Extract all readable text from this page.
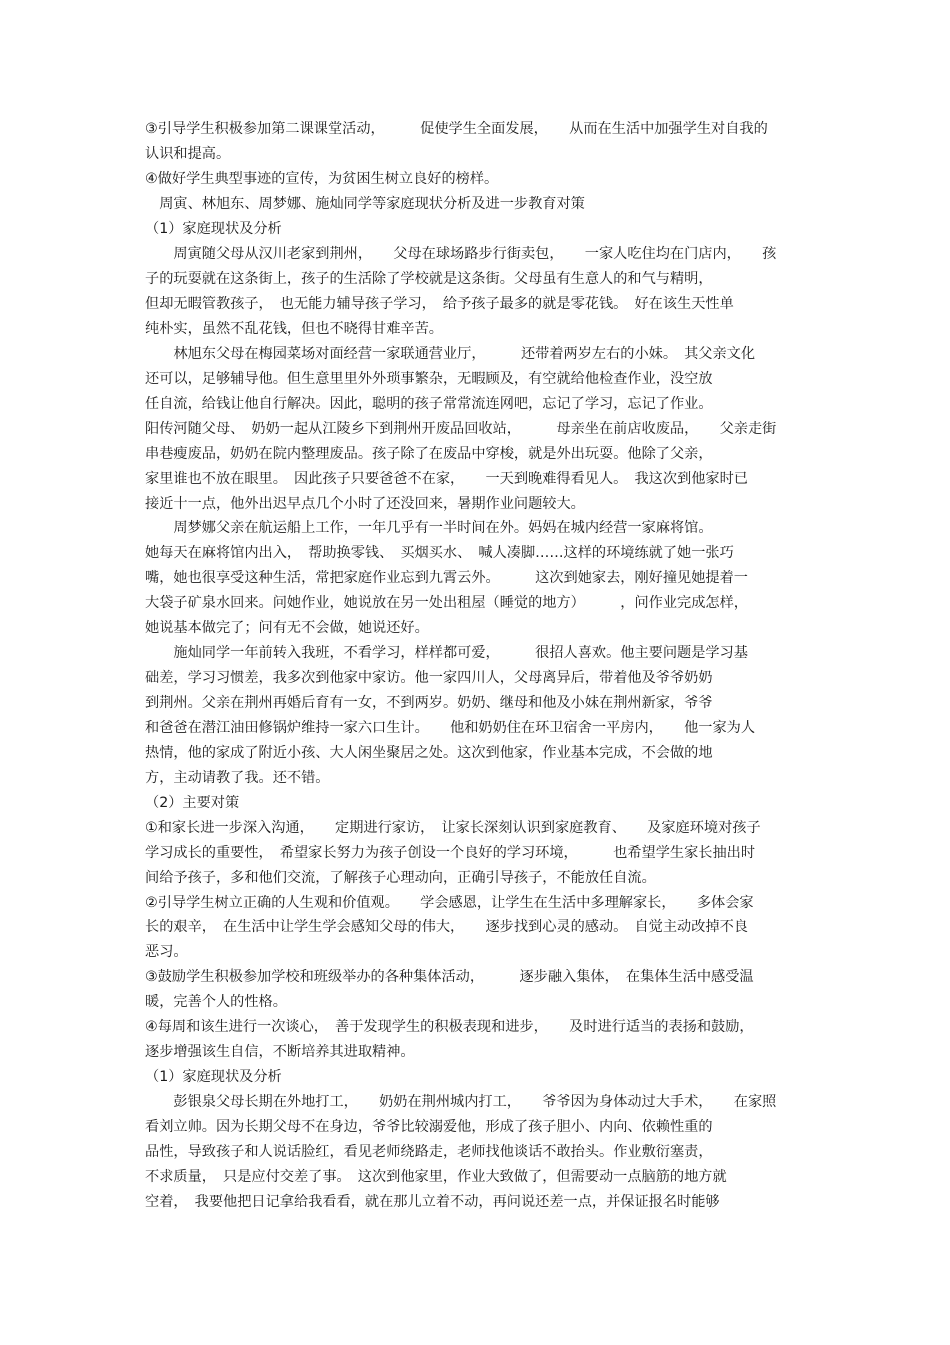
③引导学生积极参加第二课课堂活动，　　　促使学生全面发展，　　从而在生活中加强学生对自我的
认识和提高。
④做好学生典型事迹的宣传，为贫困生树立良好的榜样。
　周寅、林旭东、周梦娜、施灿同学等家庭现状分析及进一步教育对策
（1）家庭现状及分析
　　周寅随父母从汉川老家到荆州，　　父母在球场路步行街卖包，　　一家人吃住均在门店内，　　孩
子的玩耍就在这条街上，孩子的生活除了学校就是这条街。父母虽有生意人的和气与精明，
但却无暇管教孩子，　也无能力辅导孩子学习，　给予孩子最多的就是零花钱。　好在该生天性单
纯朴实，虽然不乱花钱，但也不晓得甘难辛苦。
　　林旭东父母在梅园菜场对面经营一家联通营业厅，　　　还带着两岁左右的小妹。　其父亲文化
还可以，足够辅导他。但生意里里外外琐事繁杂，无暇顾及，有空就给他检查作业，没空放
任自流，给钱让他自行解决。因此，聪明的孩子常常流连网吧，忘记了学习，忘记了作业。
阳传河随父母、　奶奶一起从江陵乡下到荆州开废品回收站，　　　母亲坐在前店收废品，　　父亲走街
串巷瘦废品，奶奶在院内整理废品。孩子除了在废品中穿梭，就是外出玩耍。他除了父亲，
家里谁也不放在眼里。　因此孩子只要爸爸不在家，　　一天到晚难得看见人。　我这次到他家时已
接近十一点，他外出迟早点几个小时了还没回来，暑期作业问题较大。
　　周梦娜父亲在航运船上工作，一年几乎有一半时间在外。妈妈在城内经营一家麻将馆。
她每天在麻将馆内出入，　帮助换零钱、　买烟买水、　喊人凑脚……这样的环境练就了她一张巧
嘴，她也很享受这种生活，常把家庭作业忘到九霄云外。　　　这次到她家去，刚好撞见她提着一
大袋子矿泉水回来。问她作业，她说放在另一处出租屋（睡觉的地方）　　　，问作业完成怎样，
她说基本做完了；问有无不会做，她说还好。
　　施灿同学一年前转入我班，不看学习，样样都可爱，　　　很招人喜欢。他主要问题是学习基
础差，学习习惯差，我多次到他家中家访。他一家四川人，父母离异后，带着他及爷爷奶奶
到荆州。父亲在荆州再婚后育有一女，不到两岁。奶奶、继母和他及小妹在荆州新家，爷爷
和爸爸在潜江油田修锅炉维持一家六口生计。　　他和奶奶住在环卫宿舍一平房内，　　他一家为人
热情，他的家成了附近小孩、大人闲坐聚居之处。这次到他家，作业基本完成，不会做的地
方，主动请教了我。还不错。
（2）主要对策
①和家长进一步深入沟通，　　定期进行家访，　让家长深刻认识到家庭教育、　　及家庭环境对孩子
学习成长的重要性，　希望家长努力为孩子创设一个良好的学习环境，　　　也希望学生家长抽出时
间给予孩子，多和他们交流，了解孩子心理动向，正确引导孩子，不能放任自流。
②引导学生树立正确的人生观和价值观。　　学会感恩，让学生在生活中多理解家长，　　多体会家
长的艰辛，　在生活中让学生学会感知父母的伟大，　　逐步找到心灵的感动。　自觉主动改掉不良
恶习。
③鼓励学生积极参加学校和班级举办的各种集体活动，　　　逐步融入集体，　在集体生活中感受温
暖，完善个人的性格。
④每周和该生进行一次谈心，　善于发现学生的积极表现和进步，　　及时进行适当的表扬和鼓励，
逐步增强该生自信，不断培养其进取精神。
（1）家庭现状及分析
　　彭银泉父母长期在外地打工，　　奶奶在荆州城内打工，　　爷爷因为身体动过大手术，　　在家照
看刘立帅。因为长期父母不在身边，爷爷比较溺爱他，形成了孩子胆小、内向、依赖性重的
品性，导致孩子和人说话脸红，看见老师绕路走，老师找他谈话不敢抬头。作业敷衍塞责，
不求质量，　只是应付交差了事。　这次到他家里，作业大致做了，但需要动一点脑筋的地方就
空着，　我要他把日记拿给我看看，就在那儿立着不动，再问说还差一点，并保证报名时能够
